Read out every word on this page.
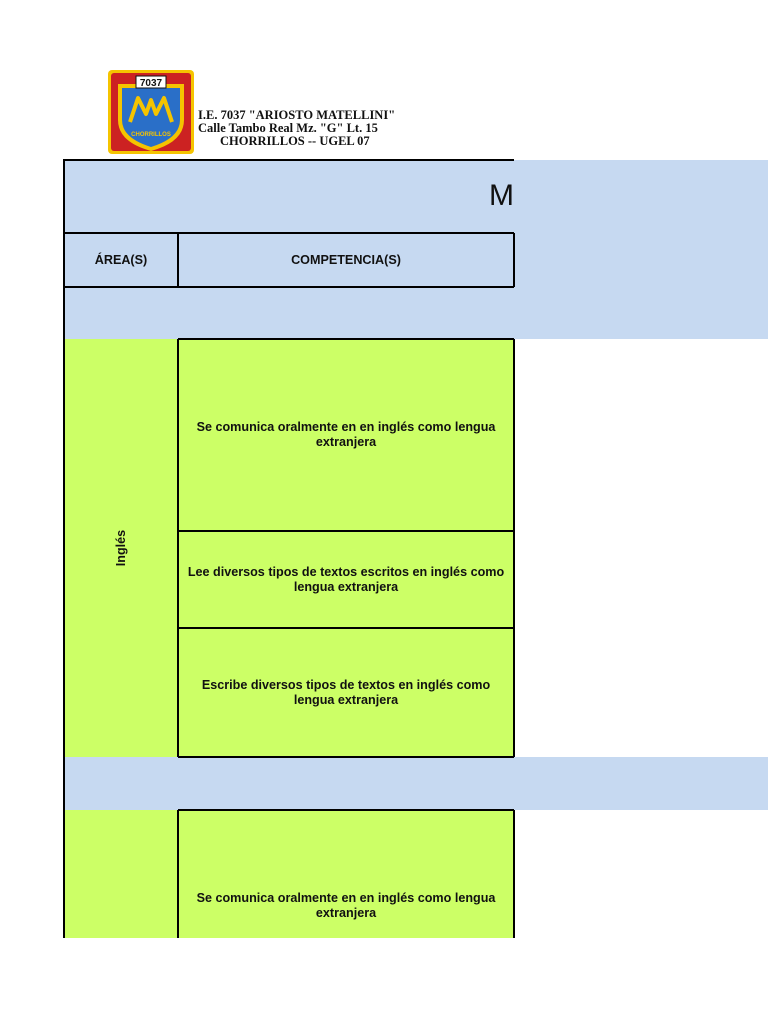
7037
CHORRILLOS
I.E. 7037 "ARIOSTO MATELLINI"
Calle Tambo Real Mz. "G" Lt. 15
CHORRILLOS -- UGEL 07
M
ÁREA(S)	COMPETENCIA(S)
Inglés
Se comunica oralmente en en inglés como lengua extranjera
Lee diversos tipos de textos escritos en inglés como lengua extranjera
Escribe diversos tipos de textos en inglés como lengua extranjera
Se comunica oralmente en en inglés como lengua extranjera
